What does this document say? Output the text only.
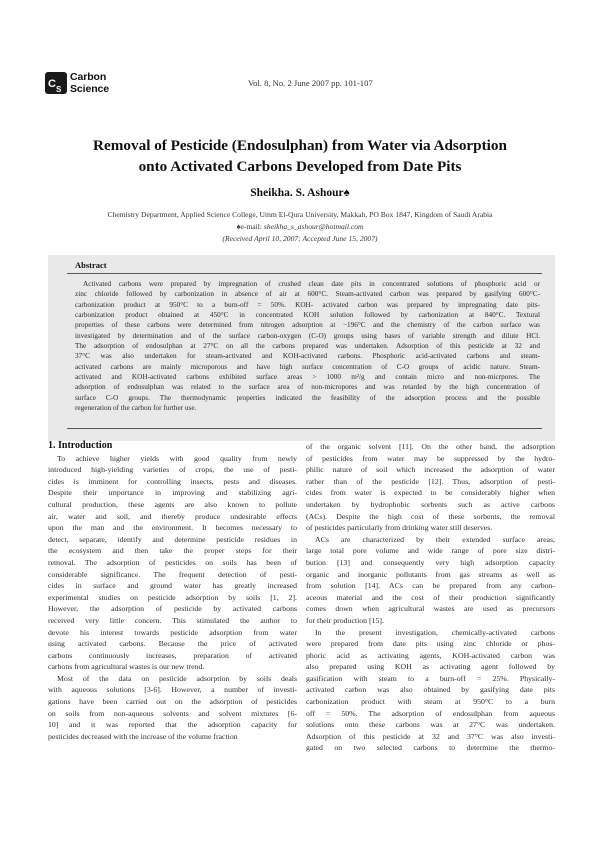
C S
Carbon
Science	Vol. 8, No. 2 June 2007 pp. 101-107
Removal of Pesticide (Endosulphan) from Water via Adsorption
onto Activated Carbons Developed from Date Pits
Sheikha. S. Ashour♠
Chemistry Department, Applied Science College, Umm El-Qura University, Makkah, PO Box 1847, Kingdom of Saudi Arabia
♠e-mail: sheikha_s_ashour@hotmail.com
(Received April 10, 2007; Accepted June 15, 2007)
Abstract
Activated carbons were prepared by impregnation of crushed clean date pits in concentrated solutions of phosphoric acid or
zinc chloride followed by carbonization in absence of air at 600°C. Steam-activated carbon was prepared by gasifying 600°C-
carbonization product at 950°C to a burn-off = 50%. KOH- activated carbon was prepared by impregnating date pits-
carbonization product obtained at 450°C in concentrated KOH solution followed by carbonization at 840°C. Textural
properties of these carbons were determined from nitrogen adsorption at −196°C and the chemistry of the carbon surface was
investigated by determination and of the surface carbon-oxygen (C-O) groups using bases of variable strength and dilute HCl.
The adsorption of endosulphan at 27°C on all the carbons prepared was undertaken. Adsorption of this pesticide at 32 and
37°C was also undertaken for steam-activated and KOH-activated carbons. Phosphoric acid-activated carbons and steam-
activated carbons are mainly microporous and have high surface concentration of C-O groups of acidic nature. Steam-
activated and KOH-activated carbons exhibited surface areas > 1000 m²/g and contain micro and non-micrpores. The
adsorption of endosulphan was related to the surface area of non-micropores and was retarded by the high concentration of
surface C-O groups. The thermodynamic properties indicated the feasibility of the adsorption process and the possible
regeneration of the carbon for further use.
To achieve higher yields with good quality from newly
introduced high-yielding varieties of crops, the use of pesti-
cides is imminent for controlling insects, pests and diseases.
Despite their importance in improving and stabilizing agri-
cultural production, these agents are also known to pollute
air, water and soil, and thereby produce undesirable effects
upon the man and the environment. It becomes necessary to
detect, separate, identify and determine pesticide residues in
the ecosystem and then take the proper steps for their
removal. The adsorption of pesticides on soils has been of
considerable significance. The frequent detection of pesti-
cides in surface and ground water has greatly increased
experimental studies on pesticide adsorption by soils [1, 2].
However, the adsorption of pesticide by activated carbons
received very little concern. This stimulated the author to
devote his interest towards pesticide adsorption from water
using activated carbons. Because the price of activated
carbons continuously increases, preparation of activated
carbons from agricultural wastes is our new trend.
Most of the data on pesticide adsorption by soils deals
with aqueous solutions [3-6]. However, a number of investi-
gations have been carried out on the adsorption of pesticides
on soils from non-aqueous solvents and solvent mixtures [6-
10] and it was reported that the adsorption capacity for
pesticides decreased with the increase of the volume fraction
1. Introduction	of the organic solvent [11]. On the other hand, the adsorption
of pesticides from water may be suppressed by the hydro-
philic nature of soil which increased the adsorption of water
rather than of the pesticide [12]. Thus, adsorption of pesti-
cides from water is expected to be considerably higher when
undertaken by hydrophobic sorbents such as active carbons
(ACs). Despite the high cost of these sorbents, the removal
of pesticides particularly from drinking water still deserves.
ACs are characterized by their extended surface areas,
large total pore volume and wide range of pore size distri-
bution [13] and consequently very high adsorption capacity
organic and inorganic pollutants from gas streams as well as
from solution [14]. ACs can be prepared from any carbon-
aceous material and the cost of their production significantly
comes down when agricultural wastes are used as precursors
for their production [15].
In the present investigation, chemically-activated carbons
were prepared from date pits using zinc chloride or phos-
phoric acid as activating agents, KOH-activated carbon was
also prepared using KOH as activating agent followed by
gasification with steam to a burn-off = 25%. Physically-
activated carbon was also obtained by gasifying date pits
carbonization product with steam at 950°C to a burn
off = 50%. The adsorption of endosulphan from aqueous
solutions onto these carbons was at 27°C was undertaken.
Adsorption of this pesticide at 32 and 37°C was also investi-
gated on two selected carbons to determine the thermo-
